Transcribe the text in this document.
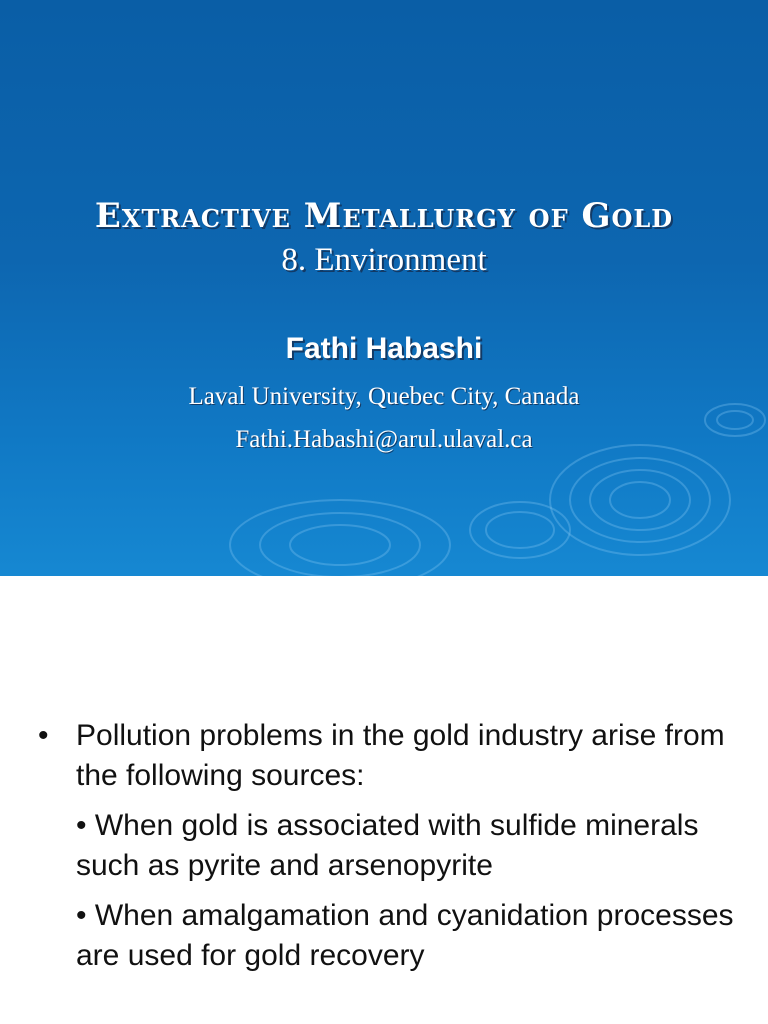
Extractive Metallurgy of Gold
8. Environment
Fathi Habashi
Laval University, Quebec City, Canada
Fathi.Habashi@arul.ulaval.ca
• Pollution problems in the gold industry arise from the following sources:
• When gold is associated with sulfide minerals such as pyrite and arsenopyrite
• When amalgamation and cyanidation processes are used for gold recovery
